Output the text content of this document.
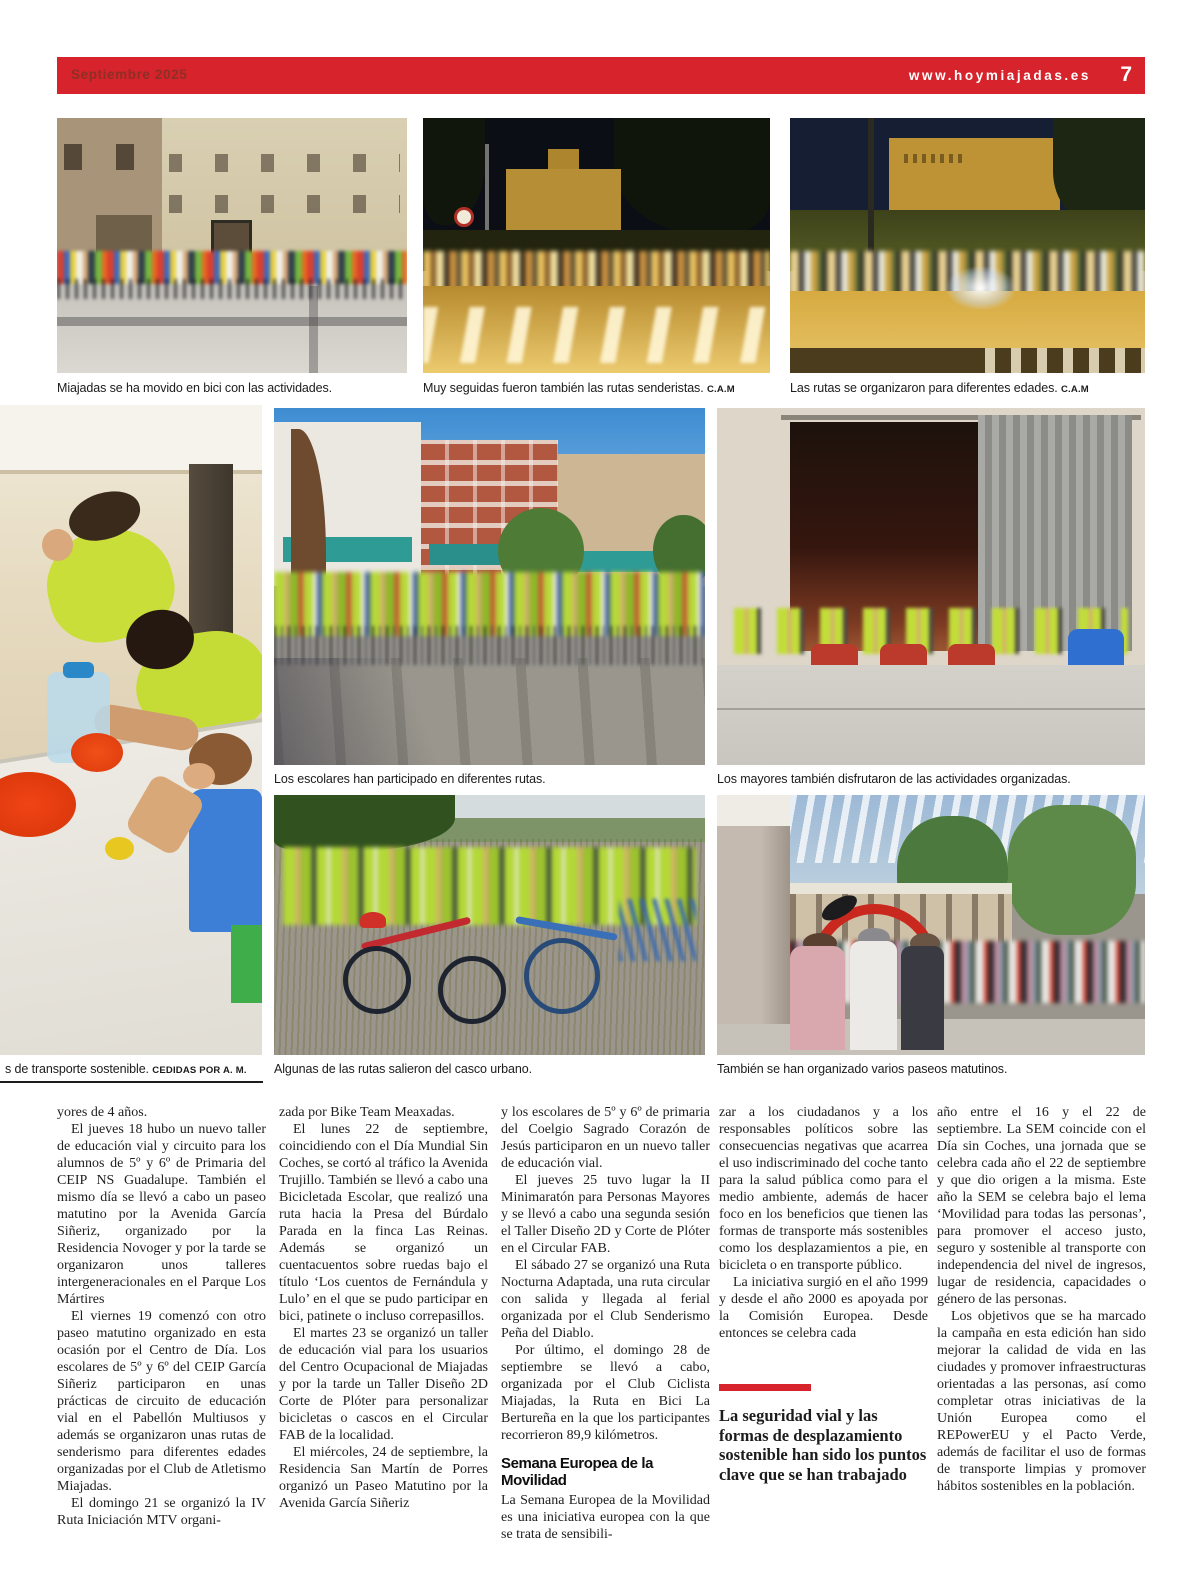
Septiembre 2025	www.hoymiajadas.es 7
Miajadas se ha movido en bici con las actividades.	Muy seguidas fueron también las rutas senderistas. C.A.M	Las rutas se organizaron para diferentes edades. C.A.M
Los escolares han participado en diferentes rutas.	Los mayores también disfrutaron de las actividades organizadas.
s de transporte sostenible. CEDIDAS POR A. M.	Algunas de las rutas salieron del casco urbano.	También se han organizado varios paseos matutinos.

yores de 4 años.

El jueves 18 hubo un nuevo taller de educación vial y circuito para los alumnos de 5º y 6º de Primaria del CEIP NS Guadalupe. También el mismo día se llevó a cabo un paseo matutino por la Avenida García Siñeriz, organizado por la Residencia Novoger y por la tarde se organizaron unos talleres intergeneracionales en el Parque Los Mártires

El viernes 19 comenzó con otro paseo matutino organizado en esta ocasión por el Centro de Día. Los escolares de 5º y 6º del CEIP García Siñeriz participaron en unas prácticas de circuito de educación vial en el Pabellón Multiusos y además se organizaron unas rutas de senderismo para diferentes edades organizadas por el Club de Atletismo Miajadas.

El domingo 21 se organizó la IV Ruta Iniciación MTV organi-

zada por Bike Team Meaxadas.

El lunes 22 de septiembre, coincidiendo con el Día Mundial Sin Coches, se cortó al tráfico la Avenida Trujillo. También se llevó a cabo una Bicicletada Escolar, que realizó una ruta hacia la Presa del Búrdalo Parada en la finca Las Reinas. Además se organizó un cuentacuentos sobre ruedas bajo el título ‘Los cuentos de Fernándula y Lulo’ en el que se pudo participar en bici, patinete o incluso correpasillos.

El martes 23 se organizó un taller de educación vial para los usuarios del Centro Ocupacional de Miajadas y por la tarde un Taller Diseño 2D Corte de Plóter para personalizar bicicletas o cascos en el Circular FAB de la localidad.

El miércoles, 24 de septiembre, la Residencia San Martín de Porres organizó un Paseo Matutino por la Avenida García Siñeriz

y los escolares de 5º y 6º de primaria del Coelgio Sagrado Corazón de Jesús participaron en un nuevo taller de educación vial.

El jueves 25 tuvo lugar la II Minimaratón para Personas Mayores y se llevó a cabo una segunda sesión el Taller Diseño 2D y Corte de Plóter en el Circular FAB.

El sábado 27 se organizó una Ruta Nocturna Adaptada, una ruta circular con salida y llegada al ferial organizada por el Club Senderismo Peña del Diablo.

Por último, el domingo 28 de septiembre se llevó a cabo, organizada por el Club Ciclista Miajadas, la Ruta en Bici La Bertureña en la que los participantes recorrieron 89,9 kilómetros.

Semana Europea de la Movilidad

La Semana Europea de la Movilidad es una iniciativa europea con la que se trata de sensibili-

zar a los ciudadanos y a los responsables políticos sobre las consecuencias negativas que acarrea el uso indiscriminado del coche tanto para la salud pública como para el medio ambiente, además de hacer foco en los beneficios que tienen las formas de transporte más sostenibles como los desplazamientos a pie, en bicicleta o en transporte público.

La iniciativa surgió en el año 1999 y desde el año 2000 es apoyada por la Comisión Europea. Desde entonces se celebra cada

La seguridad vial y las formas de desplazamiento sostenible han sido los puntos clave que se han trabajado

año entre el 16 y el 22 de septiembre. La SEM coincide con el Día sin Coches, una jornada que se celebra cada año el 22 de septiembre y que dio origen a la misma. Este año la SEM se celebra bajo el lema ‘Movilidad para todas las personas’, para promover el acceso justo, seguro y sostenible al transporte con independencia del nivel de ingresos, lugar de residencia, capacidades o género de las personas.

Los objetivos que se ha marcado la campaña en esta edición han sido mejorar la calidad de vida en las ciudades y promover infraestructuras orientadas a las personas, así como completar otras iniciativas de la Unión Europea como el REPowerEU y el Pacto Verde, además de facilitar el uso de formas de transporte limpias y promover hábitos sostenibles en la población.
